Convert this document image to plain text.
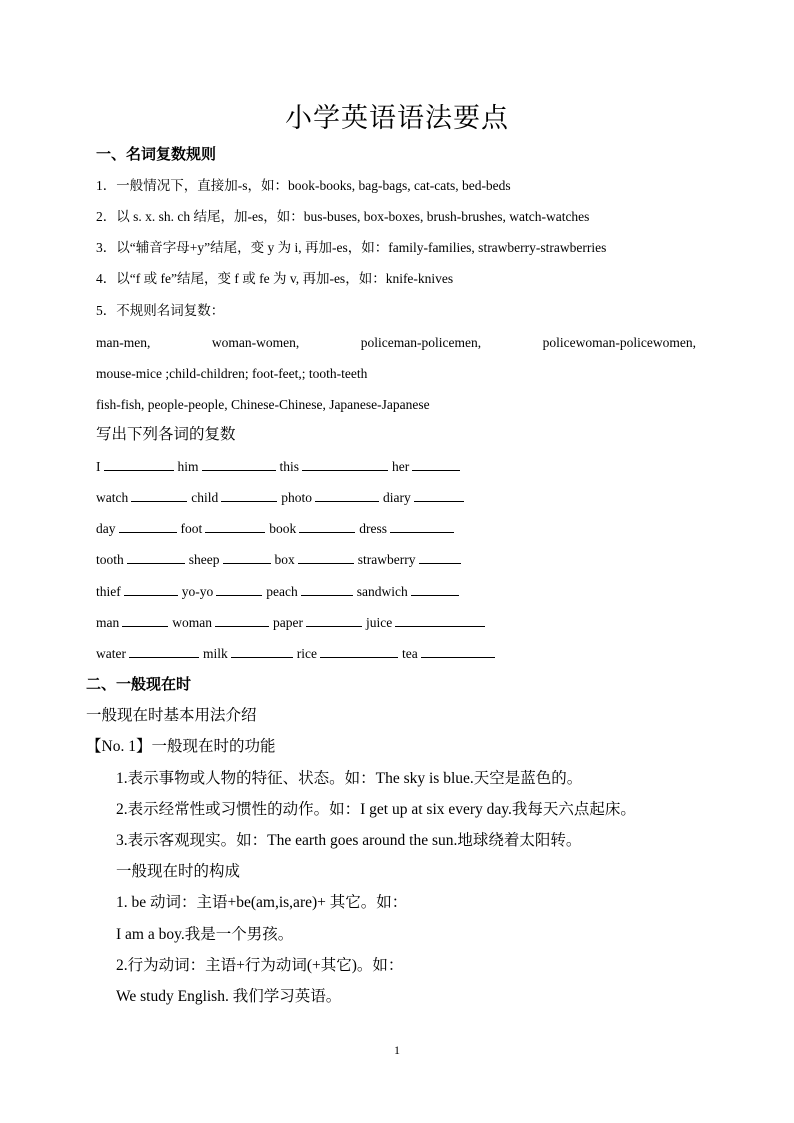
小学英语语法要点
一、名词复数规则
1．一般情况下，直接加-s，如：book-books, bag-bags, cat-cats, bed-beds
2．以 s. x. sh. ch 结尾，加-es，如：bus-buses, box-boxes, brush-brushes, watch-watches
3．以“辅音字母+y”结尾，变 y 为 i, 再加-es，如：family-families, strawberry-strawberries
4．以“f 或 fe”结尾，变 f 或 fe 为 v, 再加-es，如：knife-knives
5．不规则名词复数：
man-men,	woman-women,	policeman-policemen,	policewoman-policewomen,
mouse-mice ;child-children; foot-feet,; tooth-teeth
fish-fish, people-people, Chinese-Chinese, Japanese-Japanese
写出下列各词的复数
I	him	this	her
watch	child	photo	diary
day	foot	book	dress
tooth	sheep	box	strawberry
thief	yo-yo	peach	sandwich
man	woman	paper	juice
water	milk	rice	tea
二、一般现在时
一般现在时基本用法介绍
【No. 1】一般现在时的功能
1.表示事物或人物的特征、状态。如：The sky is blue.天空是蓝色的。
2.表示经常性或习惯性的动作。如：I get up at six every day.我每天六点起床。
3.表示客观现实。如：The earth goes around the sun.地球绕着太阳转。
一般现在时的构成
1. be 动词：主语+be(am,is,are)+ 其它。如：
I am a boy.我是一个男孩。
2.行为动词：主语+行为动词(+其它)。如：
We study English. 我们学习英语。
1
